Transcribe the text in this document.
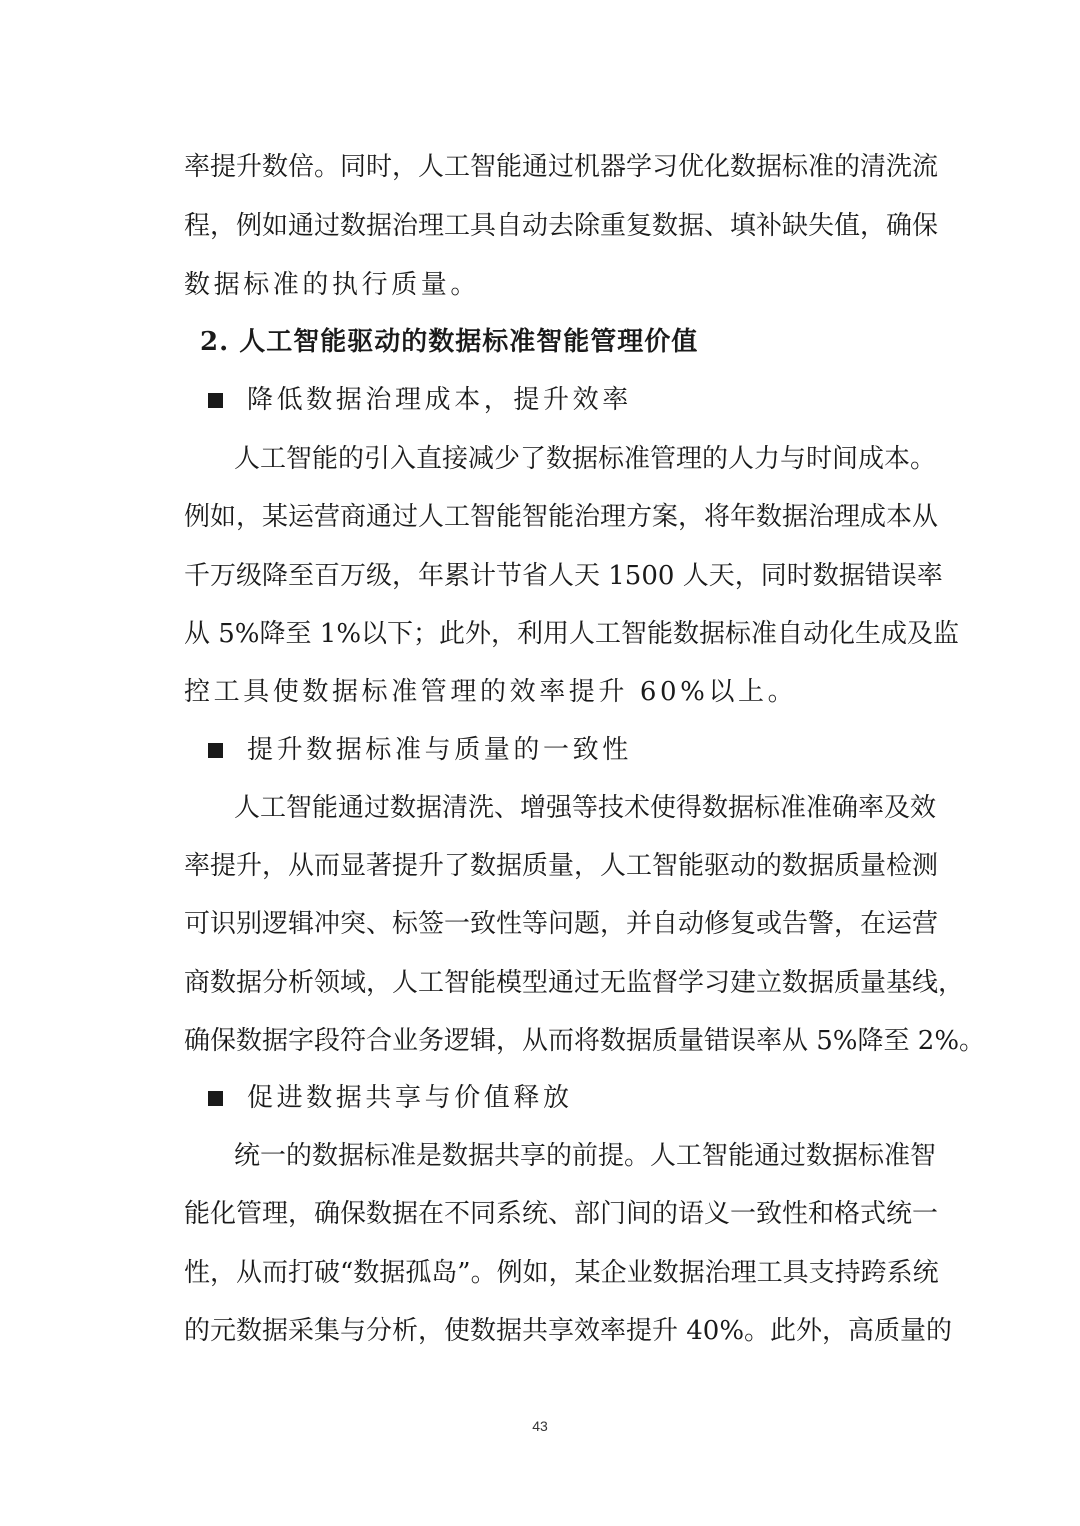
率提升数倍。同时，人工智能通过机器学习优化数据标准的清洗流
程，例如通过数据治理工具自动去除重复数据、填补缺失值，确保
数据标准的执行质量。
2. 人工智能驱动的数据标准智能管理价值
降低数据治理成本，提升效率
人工智能的引入直接减少了数据标准管理的人力与时间成本。
例如，某运营商通过人工智能智能治理方案，将年数据治理成本从
千万级降至百万级，年累计节省人天 1500 人天，同时数据错误率
从 5%降至 1%以下；此外，利用人工智能数据标准自动化生成及监
控工具使数据标准管理的效率提升 60%以上。
提升数据标准与质量的一致性
人工智能通过数据清洗、增强等技术使得数据标准准确率及效
率提升，从而显著提升了数据质量，人工智能驱动的数据质量检测
可识别逻辑冲突、标签一致性等问题，并自动修复或告警，在运营
商数据分析领域，人工智能模型通过无监督学习建立数据质量基线，
确保数据字段符合业务逻辑，从而将数据质量错误率从 5%降至 2%。
促进数据共享与价值释放
统一的数据标准是数据共享的前提。人工智能通过数据标准智
能化管理，确保数据在不同系统、部门间的语义一致性和格式统一
性，从而打破“数据孤岛”。例如，某企业数据治理工具支持跨系统
的元数据采集与分析，使数据共享效率提升 40%。此外，高质量的
43
